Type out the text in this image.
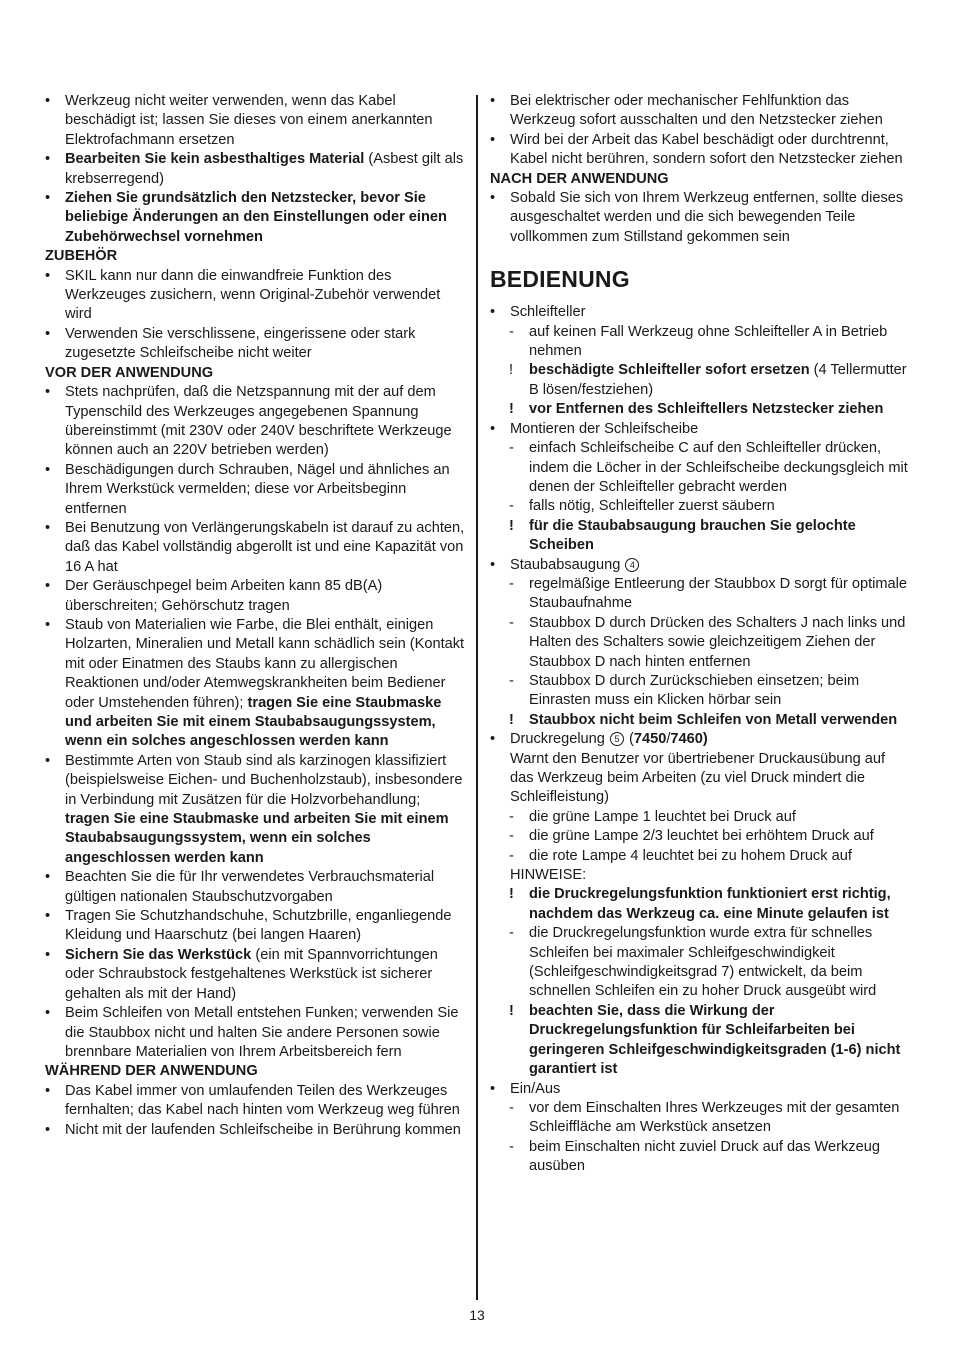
• Werkzeug nicht weiter verwenden, wenn das Kabel beschädigt ist; lassen Sie dieses von einem anerkannten Elektrofachmann ersetzen
• Bearbeiten Sie kein asbesthaltiges Material (Asbest gilt als krebserregend)
• Ziehen Sie grundsätzlich den Netzstecker, bevor Sie beliebige Änderungen an den Einstellungen oder einen Zubehörwechsel vornehmen
ZUBEHÖR
• SKIL kann nur dann die einwandfreie Funktion des Werkzeuges zusichern, wenn Original-Zubehör verwendet wird
• Verwenden Sie verschlissene, eingerissene oder stark zugesetzte Schleifscheibe nicht weiter
VOR DER ANWENDUNG
• Stets nachprüfen, daß die Netzspannung mit der auf dem Typenschild des Werkzeuges angegebenen Spannung übereinstimmt (mit 230V oder 240V beschriftete Werkzeuge können auch an 220V betrieben werden)
• Beschädigungen durch Schrauben, Nägel und ähnliches an Ihrem Werkstück vermelden; diese vor Arbeitsbeginn entfernen
• Bei Benutzung von Verlängerungskabeln ist darauf zu achten, daß das Kabel vollständig abgerollt ist und eine Kapazität von 16 A hat
• Der Geräuschpegel beim Arbeiten kann 85 dB(A) überschreiten; Gehörschutz tragen
• Staub von Materialien wie Farbe, die Blei enthält, einigen Holzarten, Mineralien und Metall kann schädlich sein (Kontakt mit oder Einatmen des Staubs kann zu allergischen Reaktionen und/oder Atemwegskrankheiten beim Bediener oder Umstehenden führen); tragen Sie eine Staubmaske und arbeiten Sie mit einem Staubabsaugungssystem, wenn ein solches angeschlossen werden kann
• Bestimmte Arten von Staub sind als karzinogen klassifiziert (beispielsweise Eichen- und Buchenholzstaub), insbesondere in Verbindung mit Zusätzen für die Holzvorbehandlung; tragen Sie eine Staubmaske und arbeiten Sie mit einem Staubabsaugungssystem, wenn ein solches angeschlossen werden kann
• Beachten Sie die für Ihr verwendetes Verbrauchsmaterial gültigen nationalen Staubschutzvorgaben
• Tragen Sie Schutzhandschuhe, Schutzbrille, enganliegende Kleidung und Haarschutz (bei langen Haaren)
• Sichern Sie das Werkstück (ein mit Spannvorrichtungen oder Schraubstock festgehaltenes Werkstück ist sicherer gehalten als mit der Hand)
• Beim Schleifen von Metall entstehen Funken; verwenden Sie die Staubbox nicht und halten Sie andere Personen sowie brennbare Materialien von Ihrem Arbeitsbereich fern
WÄHREND DER ANWENDUNG
• Das Kabel immer von umlaufenden Teilen des Werkzeuges fernhalten; das Kabel nach hinten vom Werkzeug weg führen
• Nicht mit der laufenden Schleifscheibe in Berührung kommen
• Bei elektrischer oder mechanischer Fehlfunktion das Werkzeug sofort ausschalten und den Netzstecker ziehen
• Wird bei der Arbeit das Kabel beschädigt oder durchtrennt, Kabel nicht berühren, sondern sofort den Netzstecker ziehen
NACH DER ANWENDUNG
• Sobald Sie sich von Ihrem Werkzeug entfernen, sollte dieses ausgeschaltet werden und die sich bewegenden Teile vollkommen zum Stillstand gekommen sein
BEDIENUNG
• Schleifteller
- auf keinen Fall Werkzeug ohne Schleifteller A in Betrieb nehmen
! beschädigte Schleifteller sofort ersetzen (4 Tellermutter B lösen/festziehen)
! vor Entfernen des Schleiftellers Netzstecker ziehen
• Montieren der Schleifscheibe
- einfach Schleifscheibe C auf den Schleifteller drücken, indem die Löcher in der Schleifscheibe deckungsgleich mit denen der Schleifteller gebracht werden
- falls nötig, Schleifteller zuerst säubern
! für die Staubabsaugung brauchen Sie gelochte Scheiben
• Staubabsaugung 4
- regelmäßige Entleerung der Staubbox D sorgt für optimale Staubaufnahme
- Staubbox D durch Drücken des Schalters J nach links und Halten des Schalters sowie gleichzeitigem Ziehen der Staubbox D nach hinten entfernen
- Staubbox D durch Zurückschieben einsetzen; beim Einrasten muss ein Klicken hörbar sein
! Staubbox nicht beim Schleifen von Metall verwenden
• Druckregelung 5 (7450/7460)
Warnt den Benutzer vor übertriebener Druckausübung auf das Werkzeug beim Arbeiten (zu viel Druck mindert die Schleifleistung)
- die grüne Lampe 1 leuchtet bei Druck auf
- die grüne Lampe 2/3 leuchtet bei erhöhtem Druck auf
- die rote Lampe 4 leuchtet bei zu hohem Druck auf
HINWEISE:
! die Druckregelungsfunktion funktioniert erst richtig, nachdem das Werkzeug ca. eine Minute gelaufen ist
- die Druckregelungsfunktion wurde extra für schnelles Schleifen bei maximaler Schleifgeschwindigkeit (Schleifgeschwindigkeitsgrad 7) entwickelt, da beim schnellen Schleifen ein zu hoher Druck ausgeübt wird
! beachten Sie, dass die Wirkung der Druckregelungsfunktion für Schleifarbeiten bei geringeren Schleifgeschwindigkeitsgraden (1-6) nicht garantiert ist
• Ein/Aus
- vor dem Einschalten Ihres Werkzeuges mit der gesamten Schleiffläche am Werkstück ansetzen
- beim Einschalten nicht zuviel Druck auf das Werkzeug ausüben
13
